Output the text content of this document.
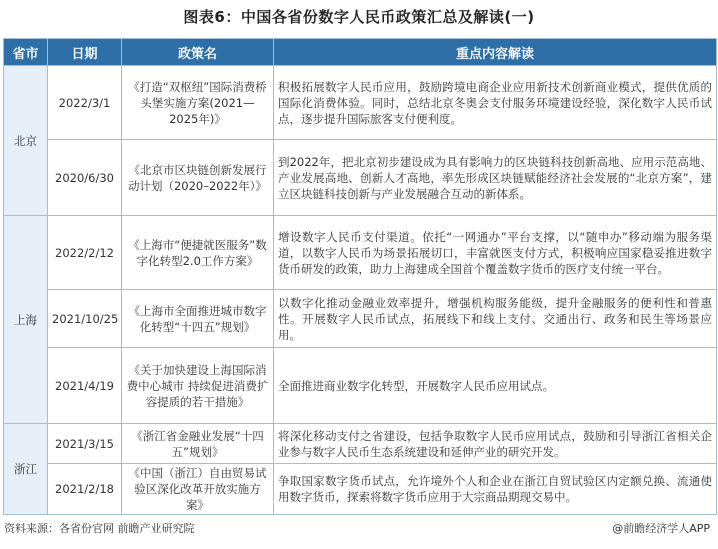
图表6：中国各省份数字人民币政策汇总及解读(一)
省市	日期	政策名	重点内容解读
北京	2022/3/1	《打造“双枢纽”国际消费桥头堡实施方案(2021—2025年)》	积极拓展数字人民币应用，鼓励跨境电商企业应用新技术创新商业模式，提供优质的国际化消费体验。同时，总结北京冬奥会支付服务环境建设经验，深化数字人民币试点，逐步提升国际旅客支付便利度。
	2020/6/30	《北京市区块链创新发展行动计划（2020–2022年）》	到2022年，把北京初步建设成为具有影响力的区块链科技创新高地、应用示范高地、产业发展高地、创新人才高地，率先形成区块链赋能经济社会发展的“北京方案”，建立区块链科技创新与产业发展融合互动的新体系。
上海	2022/2/12	《上海市“便捷就医服务”数字化转型2.0工作方案》	增设数字人民币支付渠道。依托“一网通办”平台支撑，以“随申办”移动端为服务渠道，以数字人民币为场景拓展切口，丰富就医支付方式，积极响应国家稳妥推进数字货币研发的政策，助力上海建成全国首个覆盖数字货币的医疗支付统一平台。
	2021/10/25	《上海市全面推进城市数字化转型“十四五”规划》	以数字化推动金融业效率提升，增强机构服务能级，提升金融服务的便利性和普惠性。开展数字人民币试点，拓展线下和线上支付、交通出行、政务和民生等场景应用。
	2021/4/19	《关于加快建设上海国际消费中心城市 持续促进消费扩容提质的若干措施》	全面推进商业数字化转型，开展数字人民币应用试点。
浙江	2021/3/15	《浙江省金融业发展“十四五”规划》	将深化移动支付之省建设，包括争取数字人民币应用试点，鼓励和引导浙江省相关企业参与数字人民币生态系统建设和延伸产业的研究开发。
	2021/2/18	《中国（浙江）自由贸易试验区深化改革开放实施方案》	争取国家数字货币试点，允许境外个人和企业在浙江自贸试验区内定额兑换、流通使用数字货币，探索将数字货币应用于大宗商品期现交易中。
资料来源：各省份官网 前瞻产业研究院	@前瞻经济学人APP
